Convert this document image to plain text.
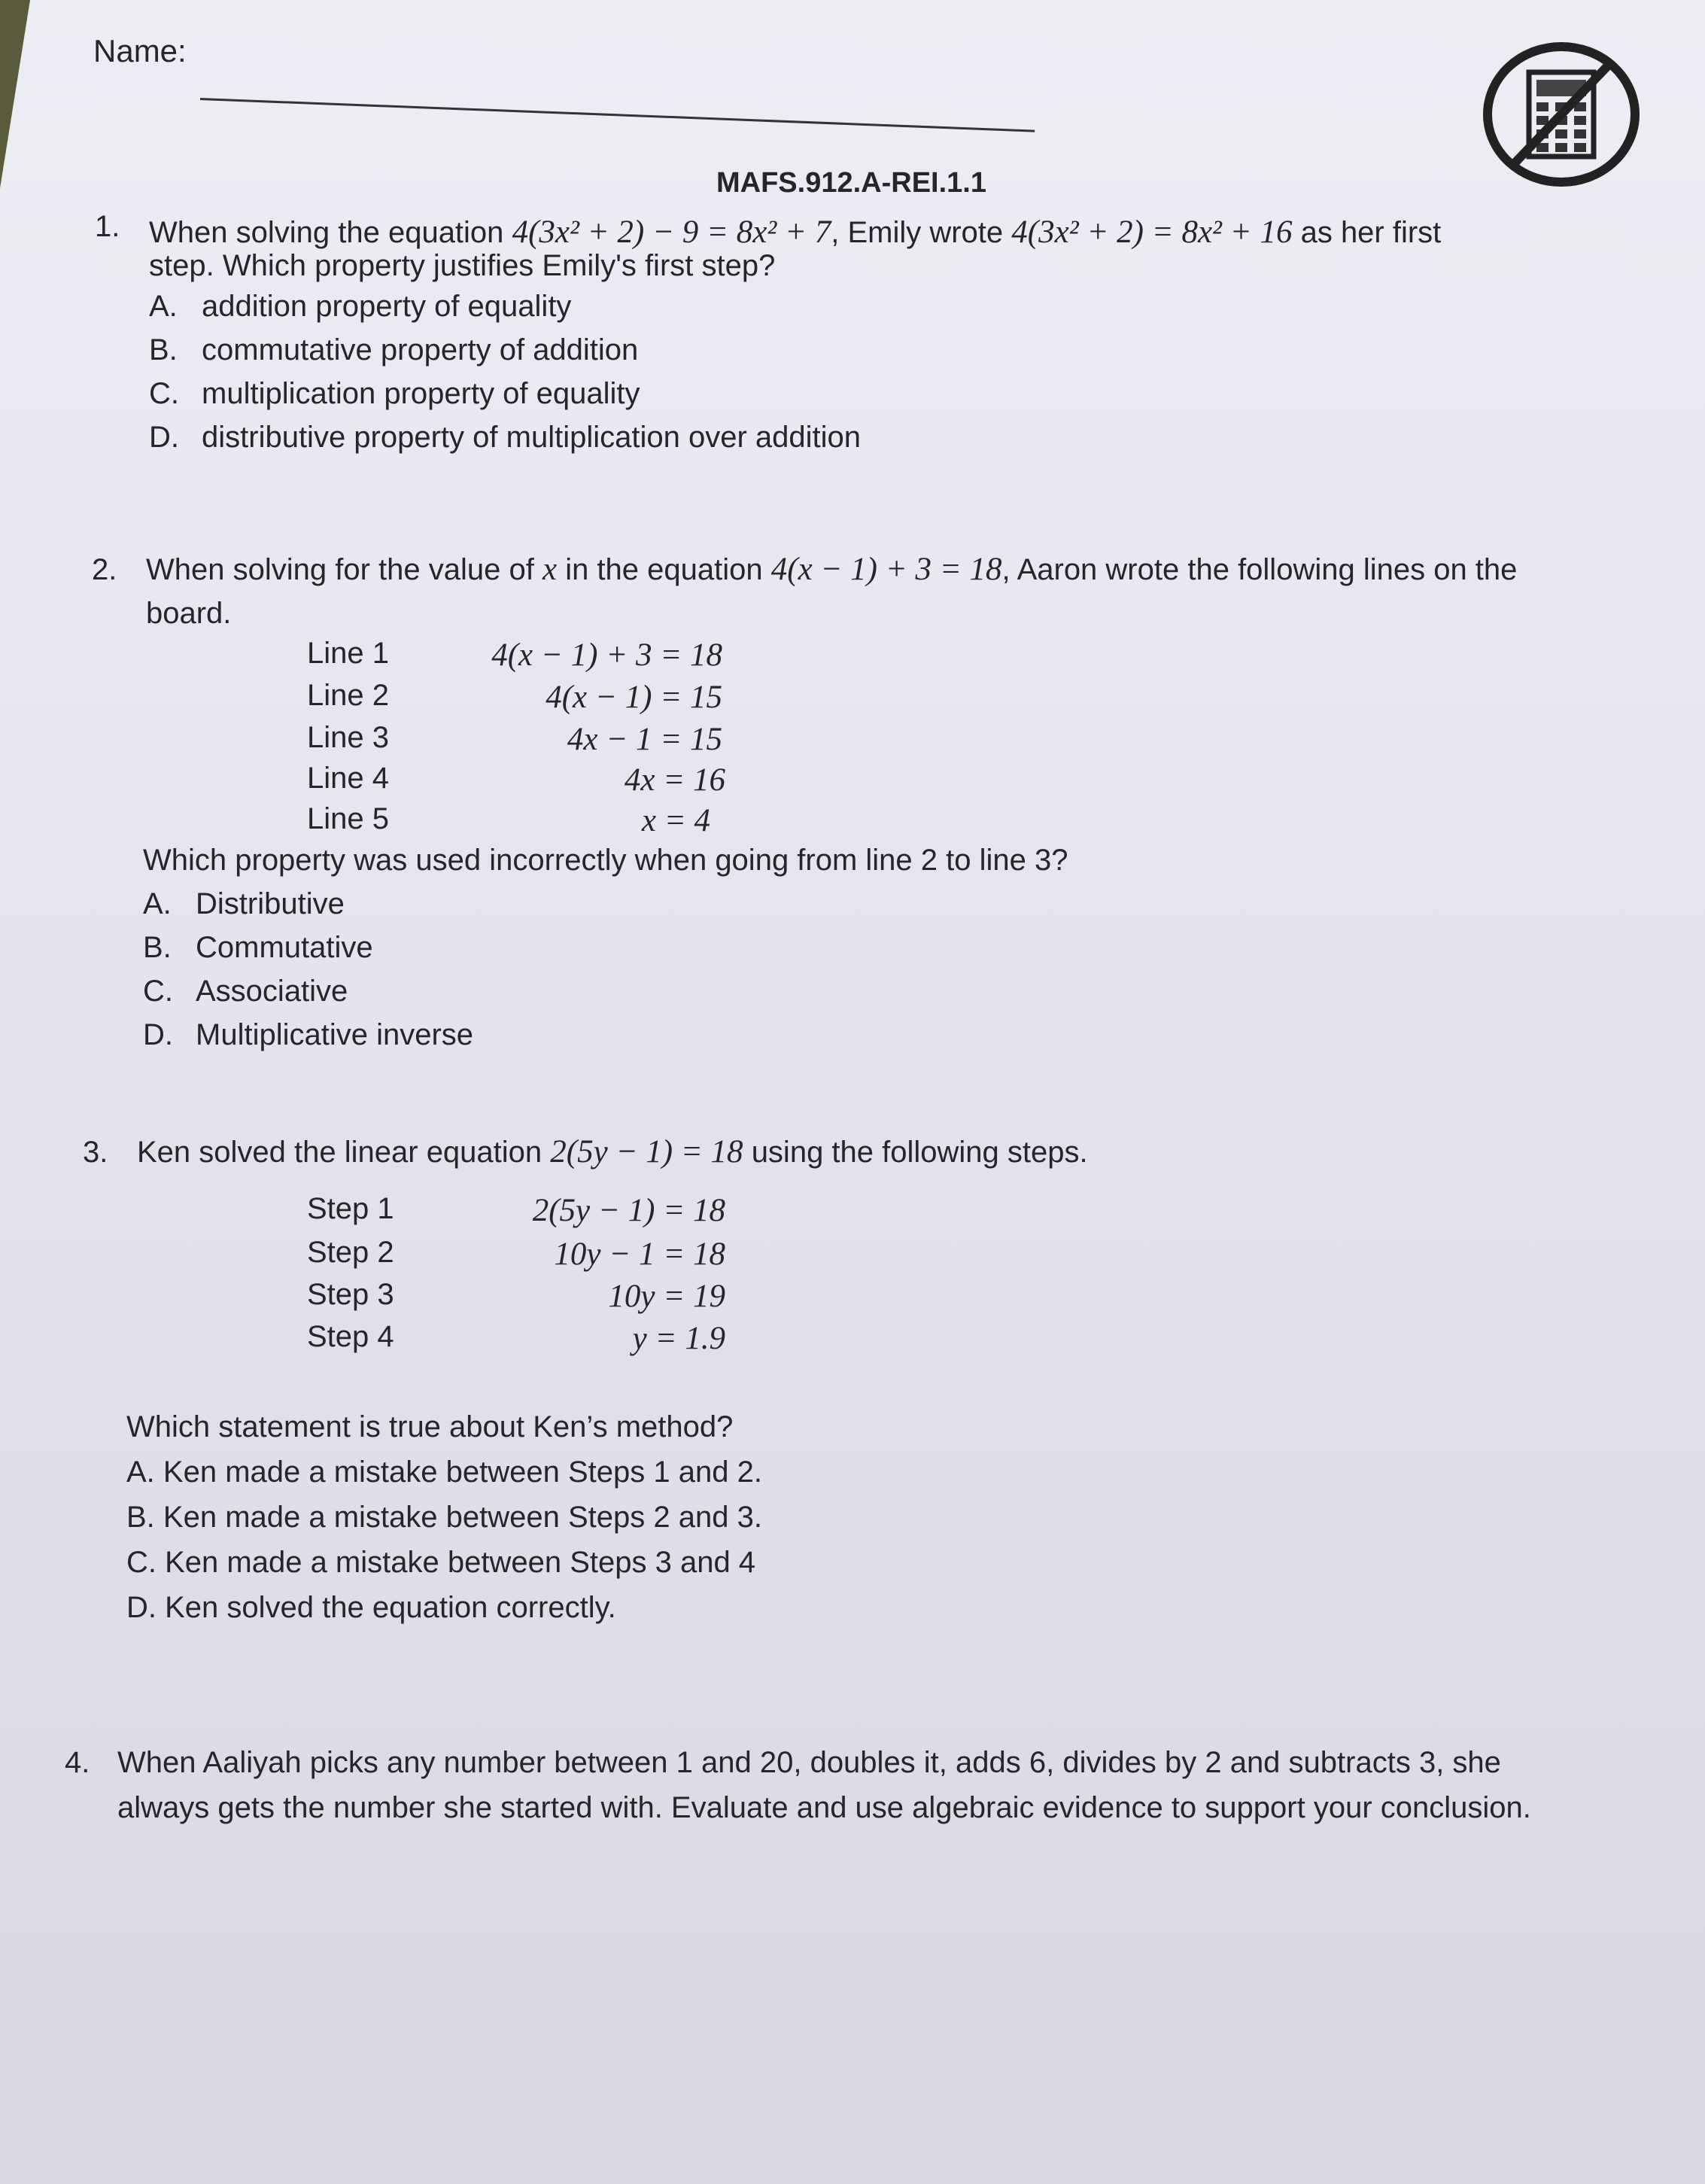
Name:
MAFS.912.A-REI.1.1
1. When solving the equation 4(3x² + 2) − 9 = 8x² + 7, Emily wrote 4(3x² + 2) = 8x² + 16 as her first
step. Which property justifies Emily's first step?
A. addition property of equality
B. commutative property of addition
C. multiplication property of equality
D. distributive property of multiplication over addition
2. When solving for the value of x in the equation 4(x − 1) + 3 = 18, Aaron wrote the following lines on the
board.
Line 1	4(x − 1) + 3 = 18
Line 2	4(x − 1) = 15
Line 3	4x − 1 = 15
Line 4	4x = 16
Line 5	x = 4
Which property was used incorrectly when going from line 2 to line 3?
A. Distributive
B. Commutative
C. Associative
D. Multiplicative inverse
3. Ken solved the linear equation 2(5y − 1) = 18 using the following steps.
Step 1	2(5y − 1) = 18
Step 2	10y − 1 = 18
Step 3	10y = 19
Step 4	y = 1.9
Which statement is true about Ken’s method?
A. Ken made a mistake between Steps 1 and 2.
B. Ken made a mistake between Steps 2 and 3.
C. Ken made a mistake between Steps 3 and 4
D. Ken solved the equation correctly.
4. When Aaliyah picks any number between 1 and 20, doubles it, adds 6, divides by 2 and subtracts 3, she
always gets the number she started with. Evaluate and use algebraic evidence to support your conclusion.
